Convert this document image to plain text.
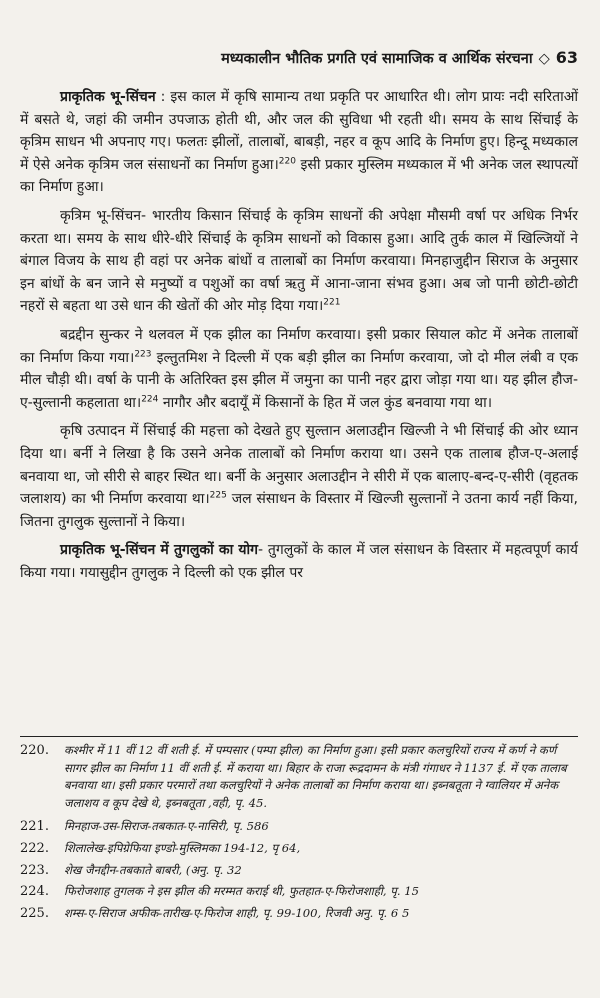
मध्यकालीन भौतिक प्रगति एवं सामाजिक व आर्थिक संरचना ◇ 63

प्राकृतिक भू-सिंचन : इस काल में कृषि सामान्य तथा प्रकृति पर आधारित थी। लोग प्रायः नदी सरिताओं में बसते थे, जहां की जमीन उपजाऊ होती थी, और जल की सुविधा भी रहती थी। समय के साथ सिंचाई के कृत्रिम साधन भी अपनाए गए। फलतः झीलों, तालाबों, बाबड़ी, नहर व कूप आदि के निर्माण हुए। हिन्दू मध्यकाल में ऐसे अनेक कृत्रिम जल संसाधनों का निर्माण हुआ।$^{220}$ इसी प्रकार मुस्लिम मध्यकाल में भी अनेक जल स्थापत्यों का निर्माण हुआ।

कृत्रिम भू-सिंचन- भारतीय किसान सिंचाई के कृत्रिम साधनों की अपेक्षा मौसमी वर्षा पर अधिक निर्भर करता था। समय के साथ धीरे-धीरे सिंचाई के कृत्रिम साधनों को विकास हुआ। आदि तुर्क काल में खिल्जियों ने बंगाल विजय के साथ ही वहां पर अनेक बांधों व तालाबों का निर्माण करवाया। मिनहाजुद्दीन सिराज के अनुसार इन बांधों के बन जाने से मनुष्यों व पशुओं का वर्षा ऋतु में आना-जाना संभव हुआ। अब जो पानी छोटी-छोटी नहरों से बहता था उसे धान की खेतों की ओर मोड़ दिया गया।$^{221}$

बद्रद्दीन सुन्कर ने थलवल में एक झील का निर्माण करवाया। इसी प्रकार सियाल कोट में अनेक तालाबों का निर्माण किया गया।$^{223}$ इल्तुतमिश ने दिल्ली में एक बड़ी झील का निर्माण करवाया, जो दो मील लंबी व एक मील चौड़ी थी। वर्षा के पानी के अतिरिक्त इस झील में जमुना का पानी नहर द्वारा जोड़ा गया था। यह झील हौज-ए-सुल्तानी कहलाता था।$^{224}$ नागौर और बदायूँ में किसानों के हित में जल कुंड बनवाया गया था।

कृषि उत्पादन में सिंचाई की महत्ता को देखते हुए सुल्तान अलाउद्दीन खिल्जी ने भी सिंचाई की ओर ध्यान दिया था। बर्नी ने लिखा है कि उसने अनेक तालाबों को निर्माण कराया था। उसने एक तालाब हौज-ए-अलाई बनवाया था, जो सीरी से बाहर स्थित था। बर्नी के अनुसार अलाउद्दीन ने सीरी में एक बालाए-बन्द-ए-सीरी (वृहतक जलाशय) का भी निर्माण करवाया था।$^{225}$ जल संसाधन के विस्तार में खिल्जी सुल्तानों ने उतना कार्य नहीं किया, जितना तुगलुक सुल्तानों ने किया।

प्राकृतिक भू-सिंचन में तुगलुकों का योग- तुगलुकों के काल में जल संसाधन के विस्तार में महत्वपूर्ण कार्य किया गया। गयासुद्दीन तुगलुक ने दिल्ली को एक झील पर

220.	कश्मीर में 11 वीं 12 वीं शती ई. में पम्पसार (पम्पा झील) का निर्माण हुआ। इसी प्रकार कलचुरियों राज्य में कर्ण ने कर्ण सागर झील का निर्माण 11 वीं शती ई. में कराया था। बिहार के राजा रूद्रदामन के मंत्री गंगाधर ने 1137 ई. में एक तालाब बनवाया था। इसी प्रकार परमारों तथा कलचुरियों ने अनेक तालाबों का निर्माण कराया था। इब्नबतूता ने ग्वालियर में अनेक जलाशय व कूप देखे थे, इब्नबतूता ,वही, पृ. 45.
221.	मिनहाज-उस-सिराज-तबकात-ए-नासिरी, पृ. 586
222.	शिलालेख-इपिग्रेफिया इण्डो-मुस्लिमका 194-12, पृ 64,
223.	शेख जैनद्दीन-तबकाते बाबरी, (अनु. पृ. 32
224.	फिरोजशाह तुगलक ने इस झील की मरम्मत कराई थी, फुतहात-ए-फिरोजशाही, पृ. 15
225.	शम्स-ए-सिराज अफीक-तारीख-ए-फिरोज शाही, पृ. 99-100, रिजवी अनु. पृ. 6 5
